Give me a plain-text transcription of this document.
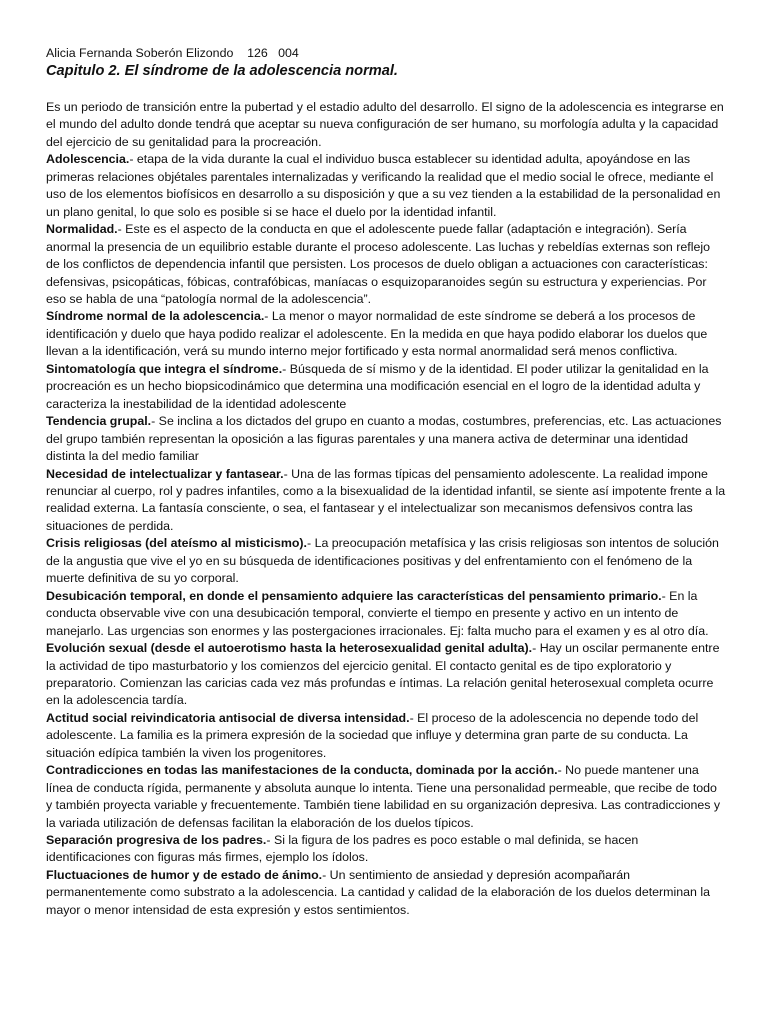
Alicia Fernanda Soberón Elizondo    126   004
Capitulo 2. El síndrome de la adolescencia normal.

Es un periodo de transición entre la pubertad y el estadio adulto del desarrollo. El signo de la adolescencia es integrarse en el mundo del adulto donde tendrá que aceptar su nueva configuración de ser humano, su morfología adulta y la capacidad del ejercicio de su genitalidad para la procreación.

Adolescencia.- etapa de la vida durante la cual el individuo busca establecer su identidad adulta, apoyándose en las primeras relaciones objétales parentales internalizadas y verificando la realidad que el medio social le ofrece, mediante el uso de los elementos biofísicos en desarrollo a su disposición y que a su vez tienden a la estabilidad de la personalidad en un plano genital, lo que solo es posible si se hace el duelo por la identidad infantil.

Normalidad.- Este es el aspecto de la conducta en que el adolescente puede fallar (adaptación e integración). Sería anormal la presencia de un equilibrio estable durante el proceso adolescente. Las luchas y rebeldías externas son reflejo de los conflictos de dependencia infantil que persisten. Los procesos de duelo obligan a actuaciones con características: defensivas, psicopáticas, fóbicas, contrafóbicas, maníacas o esquizoparanoides según su estructura y experiencias. Por eso se habla de una “patología normal de la adolescencia”.

Síndrome normal de la adolescencia.- La menor o mayor normalidad de este síndrome se deberá a los procesos de identificación y duelo que haya podido realizar el adolescente. En la medida en que haya podido elaborar los duelos que llevan a la identificación, verá su mundo interno mejor fortificado y esta normal anormalidad será menos conflictiva.

Sintomatología que integra el síndrome.- Búsqueda de sí mismo y de la identidad. El poder utilizar la genitalidad en la procreación es un hecho biopsicodinámico que determina una modificación esencial en el logro de la identidad adulta y caracteriza la inestabilidad de la identidad adolescente

Tendencia grupal.- Se inclina a los dictados del grupo en cuanto a modas, costumbres, preferencias, etc. Las actuaciones del grupo también representan la oposición a las figuras parentales y una manera activa de determinar una identidad distinta la del medio familiar

Necesidad de intelectualizar y fantasear.- Una de las formas típicas del pensamiento adolescente. La realidad impone renunciar al cuerpo, rol y padres infantiles, como a la bisexualidad de la identidad infantil, se siente así impotente frente a la realidad externa. La fantasía consciente, o sea, el fantasear y el intelectualizar son mecanismos defensivos contra las situaciones de perdida.

Crisis religiosas (del ateísmo al misticismo).- La preocupación metafísica y las crisis religiosas son intentos de solución de la angustia que vive el yo en su búsqueda de identificaciones positivas y del enfrentamiento con el fenómeno de la muerte definitiva de su yo corporal.

Desubicación temporal, en donde el pensamiento adquiere las características del pensamiento primario.- En la conducta observable vive con una desubicación temporal, convierte el tiempo en presente y activo en un intento de manejarlo. Las urgencias son enormes y las postergaciones irracionales. Ej: falta mucho para el examen y es al otro día.

Evolución sexual (desde el autoerotismo hasta la heterosexualidad genital adulta).- Hay un oscilar permanente entre la actividad de tipo masturbatorio y los comienzos del ejercicio genital. El contacto genital es de tipo exploratorio y preparatorio. Comienzan las caricias cada vez más profundas e íntimas. La relación genital heterosexual completa ocurre en la adolescencia tardía.

Actitud social reivindicatoria antisocial de diversa intensidad.- El proceso de la adolescencia no depende todo del adolescente. La familia es la primera expresión de la sociedad que influye y determina gran parte de su conducta. La situación edípica también la viven los progenitores.

Contradicciones en todas las manifestaciones de la conducta, dominada por la acción.- No puede mantener una línea de conducta rígida, permanente y absoluta aunque lo intenta. Tiene una personalidad permeable, que recibe de todo y también proyecta variable y frecuentemente. También tiene labilidad en su organización depresiva. Las contradicciones y la variada utilización de defensas facilitan la elaboración de los duelos típicos.

Separación progresiva de los padres.- Si la figura de los padres es poco estable o mal definida, se hacen identificaciones con figuras más firmes, ejemplo los ídolos.

Fluctuaciones de humor y de estado de ánimo.- Un sentimiento de ansiedad y depresión acompañarán permanentemente como substrato a la adolescencia. La cantidad y calidad de la elaboración de los duelos determinan la mayor o menor intensidad de esta expresión y estos sentimientos.
